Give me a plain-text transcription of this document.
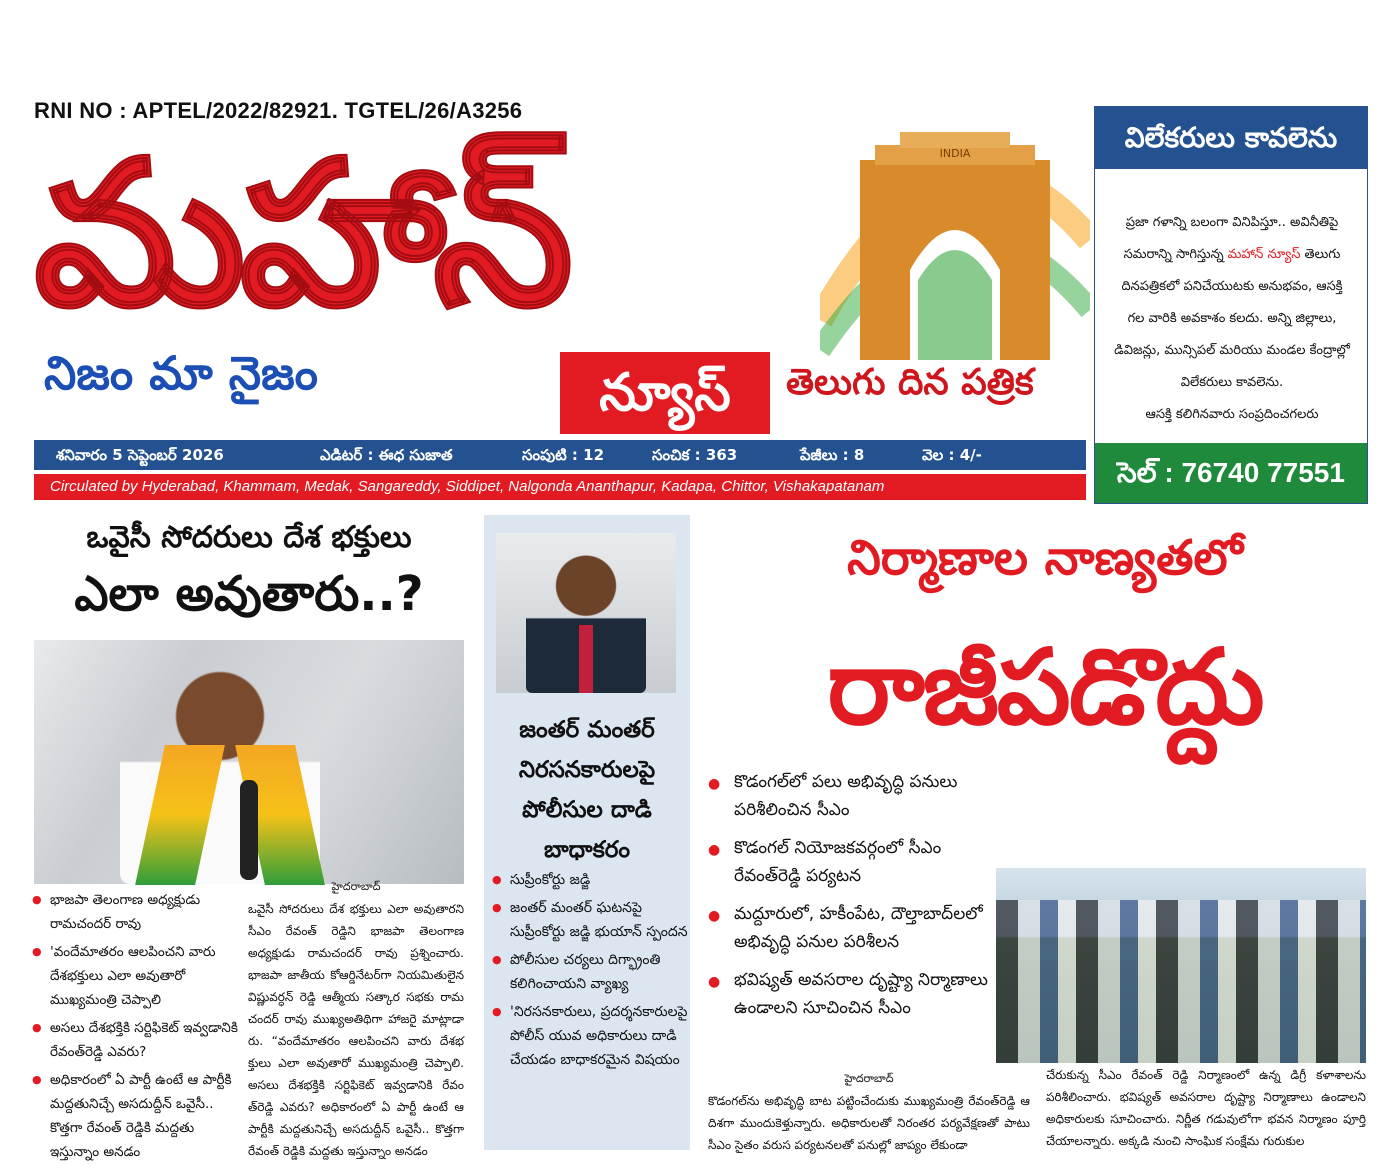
RNI NO : APTEL/2022/82921. TGTEL/26/A3256
మహాన్	INDIA
నిజం మా నైజం	న్యూస్	తెలుగు దిన పత్రిక
విలేకరులు కావలెను
ప్రజా గళాన్ని బలంగా వినిపిస్తూ.. అవినీతిపై
సమరాన్ని సాగిస్తున్న మహాన్ న్యూస్ తెలుగు దినపత్రికలో పనిచేయుటకు అనుభవం, ఆసక్తి
గల వారికి అవకాశం కలదు. అన్ని జిల్లాలు,
డివిజన్లు, మున్సిపల్ మరియు మండల కేంద్రాల్లో
విలేకరులు కావలెను.
ఆసక్తి కలిగినవారు సంప్రదించగలరు
సెల్ : 76740 77551
శనివారం 5 సెప్టెంబర్ 2026	ఎడిటర్ : ఈధ సుజాత	సంపుటి : 12	సంచిక : 363	పేజీలు : 8	వెల : 4/-
Circulated by Hyderabad, Khammam, Medak, Sangareddy, Siddipet, Nalgonda Ananthapur, Kadapa, Chittor, Vishakapatanam
ఒవైసీ సోదరులు దేశ భక్తులు
ఎలా అవుతారు..?
● భాజపా తెలంగాణ అధ్యక్షుడు రామచందర్ రావు
● 'వందేమాతరం ఆలపించని వారు దేశభక్తులు ఎలా అవుతారో ముఖ్యమంత్రి చెప్పాలి
● అసలు దేశభక్తికి సర్టిఫికెట్ ఇవ్వడానికి రేవంత్‌రెడ్డి ఎవరు?
● అధికారంలో ఏ పార్టీ ఉంటే ఆ పార్టీకి మద్దతునిచ్చే అసదుద్దీన్ ఒవైసీ.. కొత్తగా రేవంత్ రెడ్డికి మద్దతు ఇస్తున్నాం అనడం
హైదరాబాద్
ఒవైసీ సోదరులు దేశ భక్తులు ఎలా అవుతారని సీఎం రేవంత్ రెడ్డిని భాజపా తెలంగాణ అధ్యక్షుడు రామచందర్ రావు ప్రశ్నించారు. భాజపా జాతీయ కోఆర్డినేటర్‌గా నియమితులైన విష్ణువర్ధన్ రెడ్డి ఆత్మీయ సత్కార సభకు రామ చందర్ రావు ముఖ్యఅతిథిగా హాజరై మాట్లాడా రు. “వందేమాతరం ఆలపించని వారు దేశభ క్తులు ఎలా అవుతారో ముఖ్యమంత్రి చెప్పాలి. అసలు దేశభక్తికి సర్టిఫికెట్ ఇవ్వడానికి రేవం త్‌రెడ్డి ఎవరు? అధికారంలో ఏ పార్టీ ఉంటే ఆ పార్టీకి మద్దతునిచ్చే అసదుద్దీన్ ఒవైసీ.. కొత్తగా రేవంత్ రెడ్డికి మద్దతు ఇస్తున్నాం అనడం
జంతర్ మంతర్ నిరసనకారులపై పోలీసుల దాడి బాధాకరం
● సుప్రీంకోర్టు జడ్జి
● జంతర్ మంతర్ ఘటనపై సుప్రీంకోర్టు జడ్జి భుయాన్ స్పందన
● పోలీసుల చర్యలు దిగ్భ్రాంతి కలిగించాయని వ్యాఖ్య
● 'నిరసనకారులు, ప్రదర్శనకారులపై పోలీస్ యువ అధికారులు దాడి చేయడం బాధాకరమైన విషయం
నిర్మాణాల నాణ్యతలో
రాజీపడొద్దు
● కొడంగల్‌లో పలు అభివృద్ధి పనులు పరిశీలించిన సీఎం
● కొడంగల్ నియోజకవర్గంలో సీఎం రేవంత్‌రెడ్డి పర్యటన
● మద్దూరులో, హకీంపేట, దౌల్తాబాద్‌లలో అభివృద్ధి పనుల పరిశీలన
● భవిష్యత్ అవసరాల దృష్ట్యా నిర్మాణాలు ఉండాలని సూచించిన సీఎం
హైదరాబాద్
కొడంగల్‌ను అభివృద్ధి బాట పట్టించేందుకు ముఖ్యమంత్రి రేవంత్‌రెడ్డి ఆ దిశగా ముందుకెళ్తున్నారు. అధికారులతో నిరంతర పర్యవేక్షణతో పాటు సీఎం సైతం వరుస పర్యటనలతో పనుల్లో జాప్యం లేకుండా
చేరుకున్న సీఎం రేవంత్ రెడ్డి నిర్మాణంలో ఉన్న డిగ్రీ కళాశాలను పరిశీలించారు. భవిష్యత్ అవసరాల దృష్ట్యా నిర్మాణాలు ఉండాలని అధికారులకు సూచించారు. నిర్ణీత గడువులోగా భవన నిర్మాణం పూర్తి చేయాలన్నారు. అక్కడి నుంచి సాంఘిక సంక్షేమ గురుకుల
